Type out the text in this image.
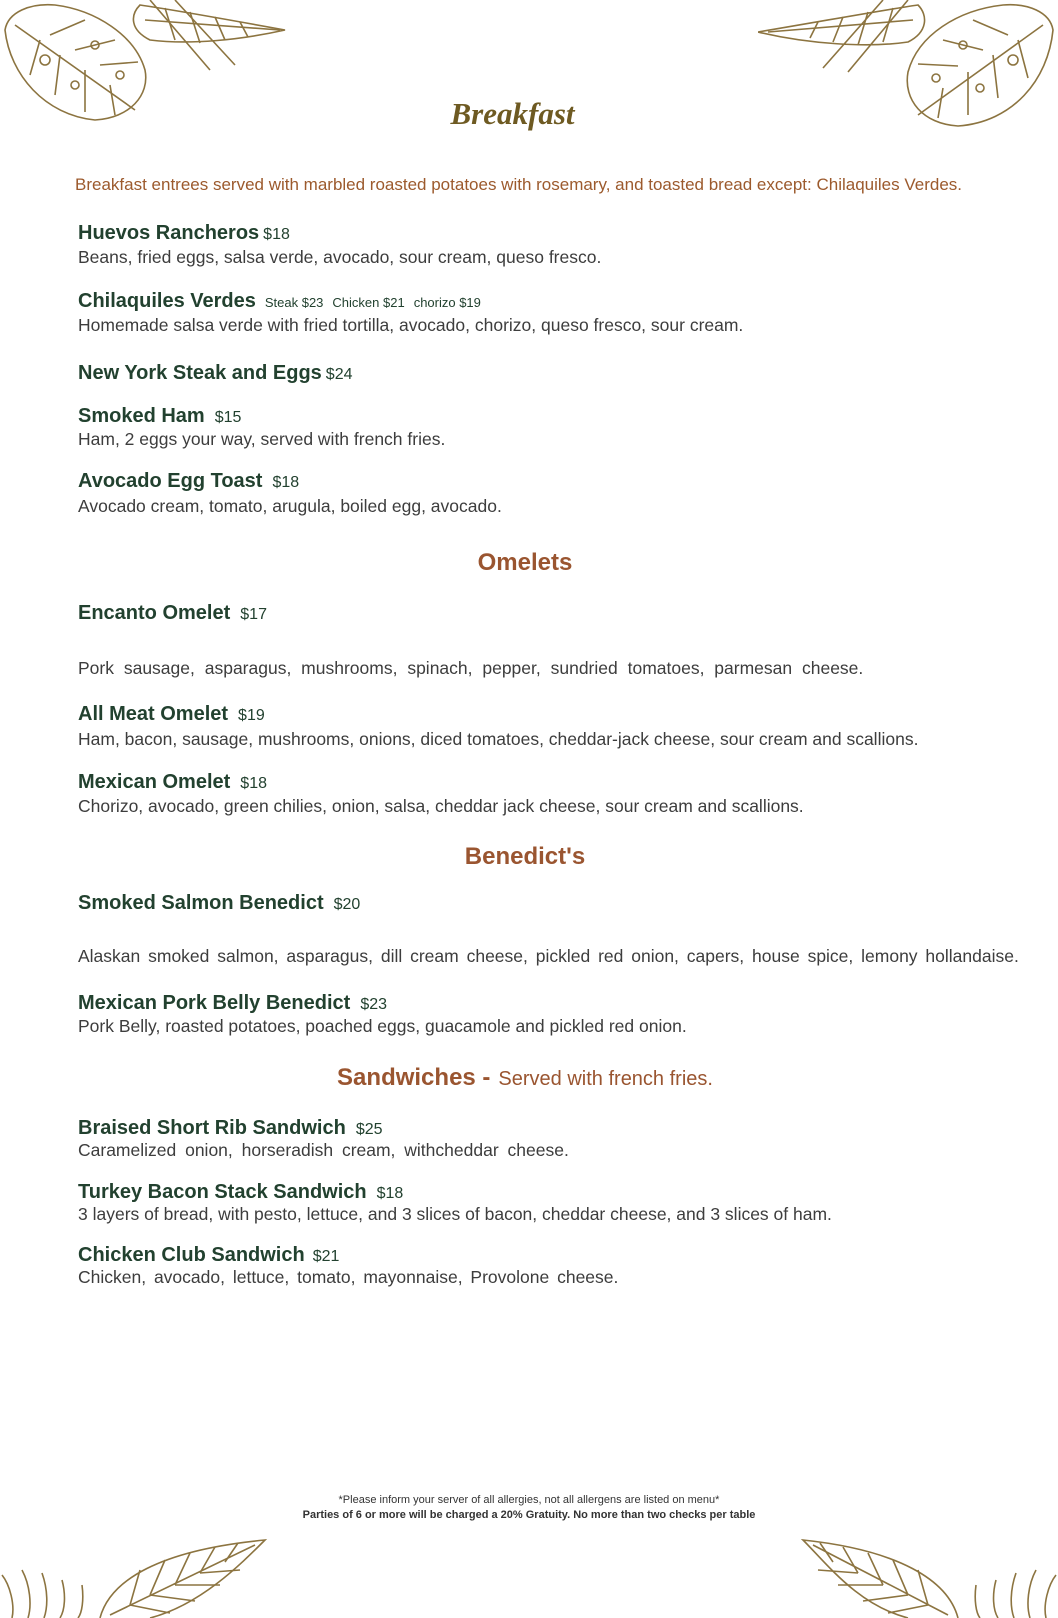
Breakfast
Breakfast entrees served with marbled roasted potatoes with rosemary, and toasted bread except: Chilaquiles Verdes.
Huevos Rancheros $18
Beans, fried eggs, salsa verde, avocado, sour cream, queso fresco.
Chilaquiles Verdes Steak $23 Chicken $21 chorizo $19
Homemade salsa verde with fried tortilla, avocado, chorizo, queso fresco, sour cream.
New York Steak and Eggs $24
Smoked Ham $15
Ham, 2 eggs your way, served with french fries.
Avocado Egg Toast $18
Avocado cream, tomato, arugula, boiled egg, avocado.
Omelets
Encanto Omelet $17
Pork sausage, asparagus, mushrooms, spinach, pepper, sundried tomatoes, parmesan cheese.
All Meat Omelet $19
Ham, bacon, sausage, mushrooms, onions, diced tomatoes, cheddar-jack cheese, sour cream and scallions.
Mexican Omelet $18
Chorizo, avocado, green chilies, onion, salsa, cheddar jack cheese, sour cream and scallions.
Benedict's
Smoked Salmon Benedict $20
Alaskan smoked salmon, asparagus, dill cream cheese, pickled red onion, capers, house spice, lemony hollandaise.
Mexican Pork Belly Benedict $23
Pork Belly, roasted potatoes, poached eggs, guacamole and pickled red onion.
Sandwiches - Served with french fries.
Braised Short Rib Sandwich $25
Caramelized onion, horseradish cream, withcheddar cheese.
Turkey Bacon Stack Sandwich $18
3 layers of bread, with pesto, lettuce, and 3 slices of bacon, cheddar cheese, and 3 slices of ham.
Chicken Club Sandwich $21
Chicken, avocado, lettuce, tomato, mayonnaise, Provolone cheese.
*Please inform your server of all allergies, not all allergens are listed on menu*
Parties of 6 or more will be charged a 20% Gratuity. No more than two checks per table
